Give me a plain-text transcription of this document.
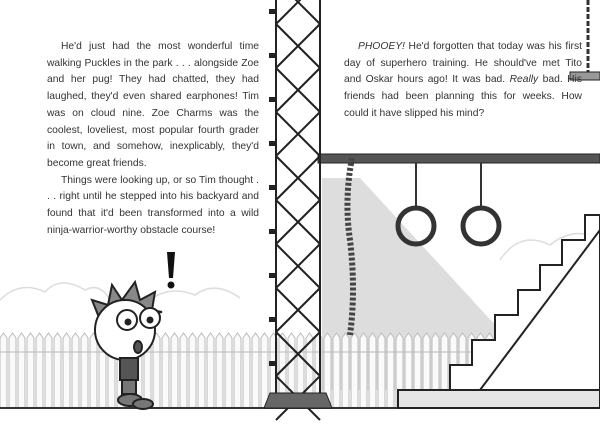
He'd just had the most wonderful time walking Puckles in the park . . . alongside Zoe and her pug! They had chatted, they had laughed, they'd even shared earphones! Tim was on cloud nine. Zoe Charms was the coolest, loveliest, most popular fourth grader in town, and somehow, inexplicably, they'd become great friends.

Things were looking up, or so Tim thought . . . right until he stepped into his backyard and found that it'd been transformed into a wild ninja-warrior-worthy obstacle course!

PHOOEY! He'd forgotten that today was his first day of superhero training. He should've met Tito and Oskar hours ago! It was bad. Really bad. His friends had been planning this for weeks. How could it have slipped his mind?
